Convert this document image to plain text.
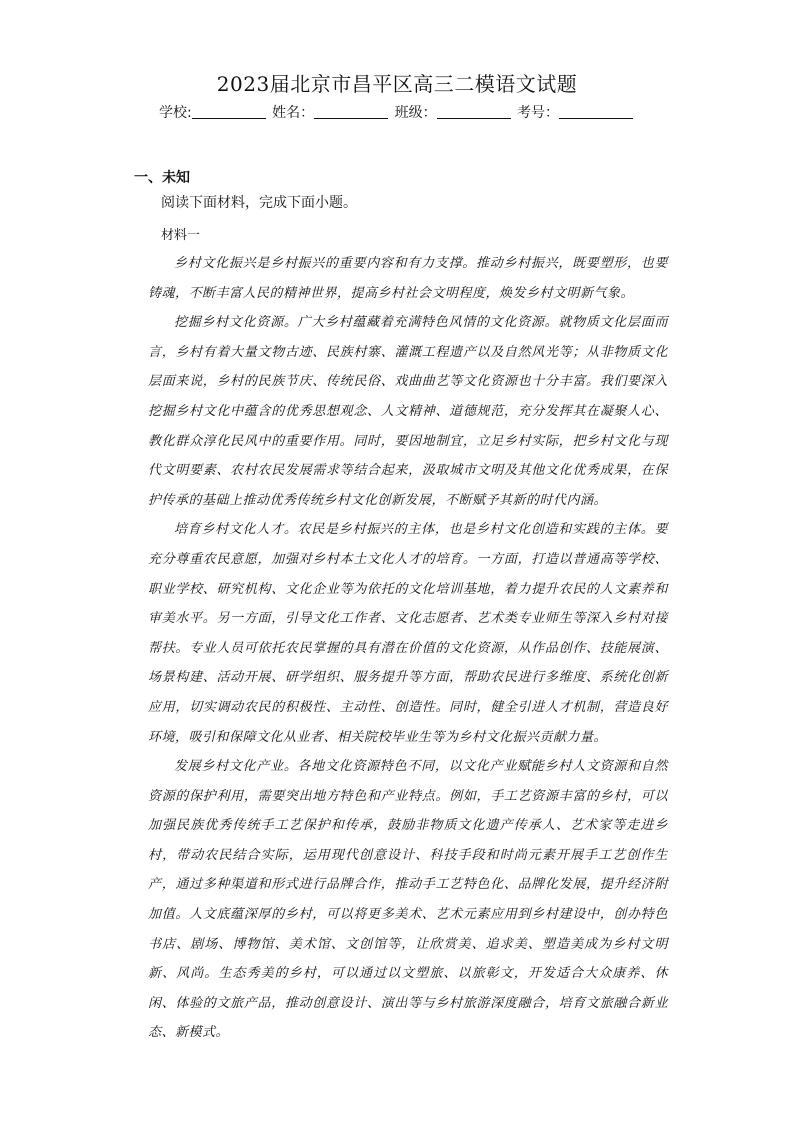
2023届北京市昌平区高三二模语文试题
学校:	姓名：	班级：	考号：
一、未知
阅读下面材料，完成下面小题。
材料一

乡村文化振兴是乡村振兴的重要内容和有力支撑。推动乡村振兴，既要塑形，也要铸魂，不断丰富人民的精神世界，提高乡村社会文明程度，焕发乡村文明新气象。

挖掘乡村文化资源。广大乡村蕴藏着充满特色风情的文化资源。就物质文化层面而言，乡村有着大量文物古迹、民族村寨、灌溉工程遗产以及自然风光等；从非物质文化层面来说，乡村的民族节庆、传统民俗、戏曲曲艺等文化资源也十分丰富。我们要深入挖掘乡村文化中蕴含的优秀思想观念、人文精神、道德规范，充分发挥其在凝聚人心、教化群众淳化民风中的重要作用。同时，要因地制宜，立足乡村实际，把乡村文化与现代文明要素、农村农民发展需求等结合起来，汲取城市文明及其他文化优秀成果，在保护传承的基础上推动优秀传统乡村文化创新发展，不断赋予其新的时代内涵。

培育乡村文化人才。农民是乡村振兴的主体，也是乡村文化创造和实践的主体。要充分尊重农民意愿，加强对乡村本土文化人才的培育。一方面，打造以普通高等学校、职业学校、研究机构、文化企业等为依托的文化培训基地，着力提升农民的人文素养和审美水平。另一方面，引导文化工作者、文化志愿者、艺术类专业师生等深入乡村对接帮扶。专业人员可依托农民掌握的具有潜在价值的文化资源，从作品创作、技能展演、场景构建、活动开展、研学组织、服务提升等方面，帮助农民进行多维度、系统化创新应用，切实调动农民的积极性、主动性、创造性。同时，健全引进人才机制，营造良好环境，吸引和保障文化从业者、相关院校毕业生等为乡村文化振兴贡献力量。

发展乡村文化产业。各地文化资源特色不同，以文化产业赋能乡村人文资源和自然资源的保护利用，需要突出地方特色和产业特点。例如，手工艺资源丰富的乡村，可以加强民族优秀传统手工艺保护和传承，鼓励非物质文化遗产传承人、艺术家等走进乡村，带动农民结合实际，运用现代创意设计、科技手段和时尚元素开展手工艺创作生产，通过多种渠道和形式进行品牌合作，推动手工艺特色化、品牌化发展，提升经济附加值。人文底蕴深厚的乡村，可以将更多美术、艺术元素应用到乡村建设中，创办特色书店、剧场、博物馆、美术馆、文创馆等，让欣赏美、追求美、塑造美成为乡村文明新、风尚。生态秀美的乡村，可以通过以文塑旅、以旅彰文，开发适合大众康养、休闲、体验的文旅产品，推动创意设计、演出等与乡村旅游深度融合，培育文旅融合新业态、新模式。
